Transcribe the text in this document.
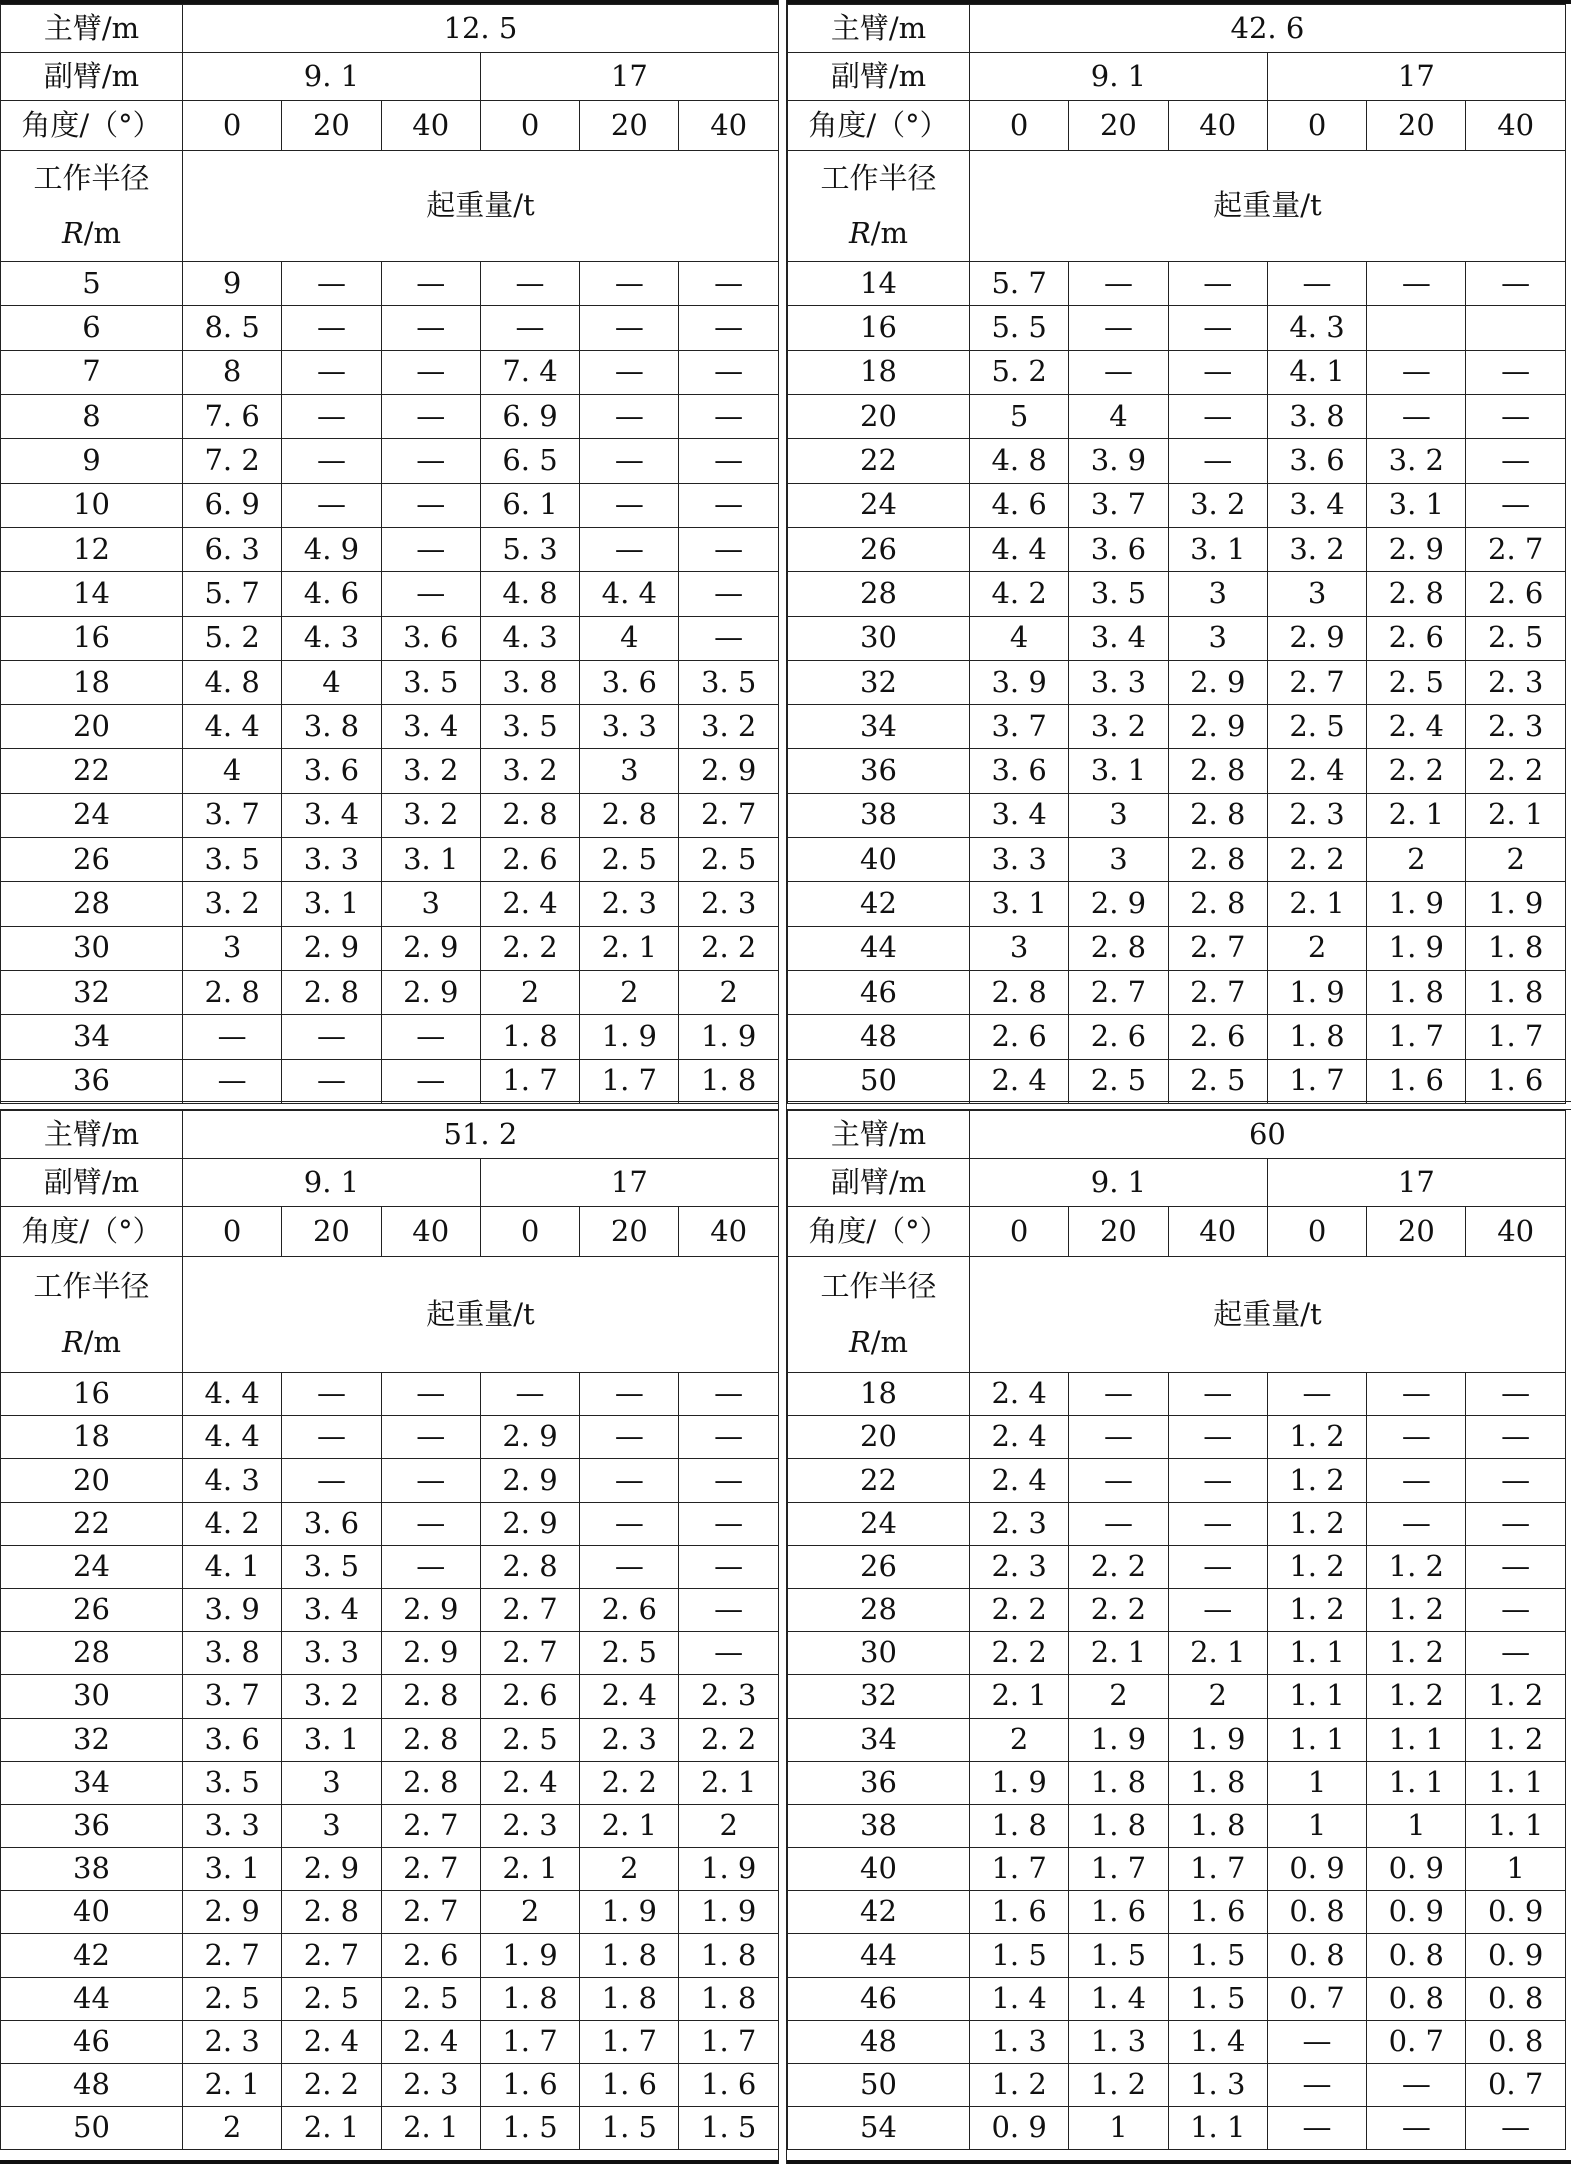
主臂/m	12. 5					
副臂/m	9. 1			17		
角度/（°）	0	20	40	0	20	40

工作半径
R/m	起重量/t					
5	9	—	—	—	—	—
6	8. 5	—	—	—	—	—
7	8	—	—	7. 4	—	—
8	7. 6	—	—	6. 9	—	—
9	7. 2	—	—	6. 5	—	—
10	6. 9	—	—	6. 1	—	—
12	6. 3	4. 9	—	5. 3	—	—
14	5. 7	4. 6	—	4. 8	4. 4	—
16	5. 2	4. 3	3. 6	4. 3	4	—
18	4. 8	4	3. 5	3. 8	3. 6	3. 5
20	4. 4	3. 8	3. 4	3. 5	3. 3	3. 2
22	4	3. 6	3. 2	3. 2	3	2. 9
24	3. 7	3. 4	3. 2	2. 8	2. 8	2. 7
26	3. 5	3. 3	3. 1	2. 6	2. 5	2. 5
28	3. 2	3. 1	3	2. 4	2. 3	2. 3
30	3	2. 9	2. 9	2. 2	2. 1	2. 2
32	2. 8	2. 8	2. 9	2	2	2
34	—	—	—	1. 8	1. 9	1. 9
36	—	—	—	1. 7	1. 7	1. 8
主臂/m	42. 6					
副臂/m	9. 1			17		
角度/（°）	0	20	40	0	20	40

工作半径
R/m	起重量/t					
14	5. 7	—	—	—	—	—
16	5. 5	—	—	4. 3		
18	5. 2	—	—	4. 1	—	—
20	5	4	—	3. 8	—	—
22	4. 8	3. 9	—	3. 6	3. 2	—
24	4. 6	3. 7	3. 2	3. 4	3. 1	—
26	4. 4	3. 6	3. 1	3. 2	2. 9	2. 7
28	4. 2	3. 5	3	3	2. 8	2. 6
30	4	3. 4	3	2. 9	2. 6	2. 5
32	3. 9	3. 3	2. 9	2. 7	2. 5	2. 3
34	3. 7	3. 2	2. 9	2. 5	2. 4	2. 3
36	3. 6	3. 1	2. 8	2. 4	2. 2	2. 2
38	3. 4	3	2. 8	2. 3	2. 1	2. 1
40	3. 3	3	2. 8	2. 2	2	2
42	3. 1	2. 9	2. 8	2. 1	1. 9	1. 9
44	3	2. 8	2. 7	2	1. 9	1. 8
46	2. 8	2. 7	2. 7	1. 9	1. 8	1. 8
48	2. 6	2. 6	2. 6	1. 8	1. 7	1. 7
50	2. 4	2. 5	2. 5	1. 7	1. 6	1. 6
主臂/m	51. 2					
副臂/m	9. 1			17		
角度/（°）	0	20	40	0	20	40

工作半径
R/m	起重量/t					
16	4. 4	—	—	—	—	—
18	4. 4	—	—	2. 9	—	—
20	4. 3	—	—	2. 9	—	—
22	4. 2	3. 6	—	2. 9	—	—
24	4. 1	3. 5	—	2. 8	—	—
26	3. 9	3. 4	2. 9	2. 7	2. 6	—
28	3. 8	3. 3	2. 9	2. 7	2. 5	—
30	3. 7	3. 2	2. 8	2. 6	2. 4	2. 3
32	3. 6	3. 1	2. 8	2. 5	2. 3	2. 2
34	3. 5	3	2. 8	2. 4	2. 2	2. 1
36	3. 3	3	2. 7	2. 3	2. 1	2
38	3. 1	2. 9	2. 7	2. 1	2	1. 9
40	2. 9	2. 8	2. 7	2	1. 9	1. 9
42	2. 7	2. 7	2. 6	1. 9	1. 8	1. 8
44	2. 5	2. 5	2. 5	1. 8	1. 8	1. 8
46	2. 3	2. 4	2. 4	1. 7	1. 7	1. 7
48	2. 1	2. 2	2. 3	1. 6	1. 6	1. 6
50	2	2. 1	2. 1	1. 5	1. 5	1. 5
主臂/m	60					
副臂/m	9. 1			17		
角度/（°）	0	20	40	0	20	40

工作半径
R/m	起重量/t					
18	2. 4	—	—	—	—	—
20	2. 4	—	—	1. 2	—	—
22	2. 4	—	—	1. 2	—	—
24	2. 3	—	—	1. 2	—	—
26	2. 3	2. 2	—	1. 2	1. 2	—
28	2. 2	2. 2	—	1. 2	1. 2	—
30	2. 2	2. 1	2. 1	1. 1	1. 2	—
32	2. 1	2	2	1. 1	1. 2	1. 2
34	2	1. 9	1. 9	1. 1	1. 1	1. 2
36	1. 9	1. 8	1. 8	1	1. 1	1. 1
38	1. 8	1. 8	1. 8	1	1	1. 1
40	1. 7	1. 7	1. 7	0. 9	0. 9	1
42	1. 6	1. 6	1. 6	0. 8	0. 9	0. 9
44	1. 5	1. 5	1. 5	0. 8	0. 8	0. 9
46	1. 4	1. 4	1. 5	0. 7	0. 8	0. 8
48	1. 3	1. 3	1. 4	—	0. 7	0. 8
50	1. 2	1. 2	1. 3	—	—	0. 7
54	0. 9	1	1. 1	—	—	—
